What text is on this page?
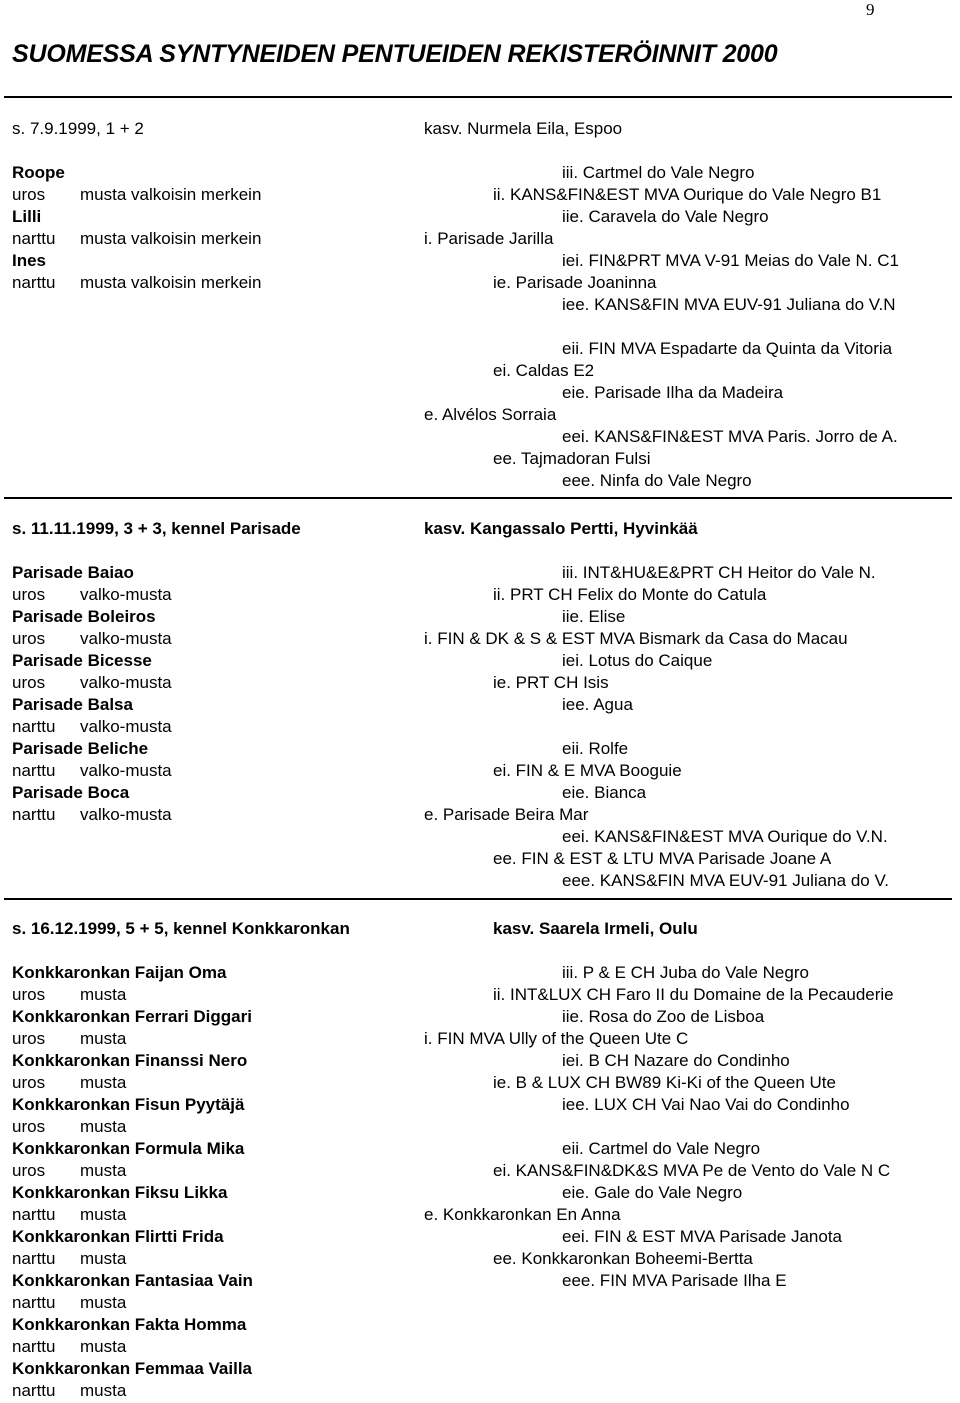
9
SUOMESSA SYNTYNEIDEN PENTUEIDEN REKISTERÖINNIT 2000
s. 7.9.1999, 1 + 2	kasv. Nurmela Eila, Espoo
Roope
uros musta valkoisin merkein
Lilli
narttu musta valkoisin merkein
Ines
narttu musta valkoisin merkein
iii. Cartmel do Vale Negro
ii. KANS&FIN&EST MVA Ourique do Vale Negro B1
iie. Caravela do Vale Negro
i. Parisade Jarilla
iei. FIN&PRT MVA V-91 Meias do Vale N. C1
ie. Parisade Joaninna
iee. KANS&FIN MVA EUV-91 Juliana do V.N
eii. FIN MVA Espadarte da Quinta da Vitoria
ei. Caldas E2
eie. Parisade Ilha da Madeira
e. Alvélos Sorraia
eei. KANS&FIN&EST MVA Paris. Jorro de A.
ee. Tajmadoran Fulsi
eee. Ninfa do Vale Negro
s. 11.11.1999, 3 + 3, kennel Parisade	kasv. Kangassalo Pertti, Hyvinkää
Parisade Baiao
uros valko-musta
Parisade Boleiros
uros valko-musta
Parisade Bicesse
uros valko-musta
Parisade Balsa
narttu valko-musta
Parisade Beliche
narttu valko-musta
Parisade Boca
narttu valko-musta
iii. INT&HU&E&PRT CH Heitor do Vale N.
ii. PRT CH Felix do Monte do Catula
iie. Elise
i. FIN & DK & S & EST MVA Bismark da Casa do Macau
iei. Lotus do Caique
ie. PRT CH Isis
iee. Agua
eii. Rolfe
ei. FIN & E MVA Booguie
eie. Bianca
e. Parisade Beira Mar
eei. KANS&FIN&EST MVA Ourique do V.N.
ee. FIN & EST & LTU MVA Parisade Joane A
eee. KANS&FIN MVA EUV-91 Juliana do V.
s. 16.12.1999, 5 + 5, kennel Konkkaronkan	kasv. Saarela Irmeli, Oulu
Konkkaronkan Faijan Oma
uros musta
Konkkaronkan Ferrari Diggari
uros musta
Konkkaronkan Finanssi Nero
uros musta
Konkkaronkan Fisun Pyytäjä
uros musta
Konkkaronkan Formula Mika
uros musta
Konkkaronkan Fiksu Likka
narttu musta
Konkkaronkan Flirtti Frida
narttu musta
Konkkaronkan Fantasiaa Vain
narttu musta
Konkkaronkan Fakta Homma
narttu musta
Konkkaronkan Femmaa Vailla
narttu musta
iii. P & E CH Juba do Vale Negro
ii. INT&LUX CH Faro II du Domaine de la Pecauderie
iie. Rosa do Zoo de Lisboa
i. FIN MVA Ully of the Queen Ute C
iei. B CH Nazare do Condinho
ie. B & LUX CH BW89 Ki-Ki of the Queen Ute
iee. LUX CH Vai Nao Vai do Condinho
eii. Cartmel do Vale Negro
ei. KANS&FIN&DK&S MVA Pe de Vento do Vale N C
eie. Gale do Vale Negro
e. Konkkaronkan En Anna
eei. FIN & EST MVA Parisade Janota
ee. Konkkaronkan Boheemi-Bertta
eee. FIN MVA Parisade Ilha E
